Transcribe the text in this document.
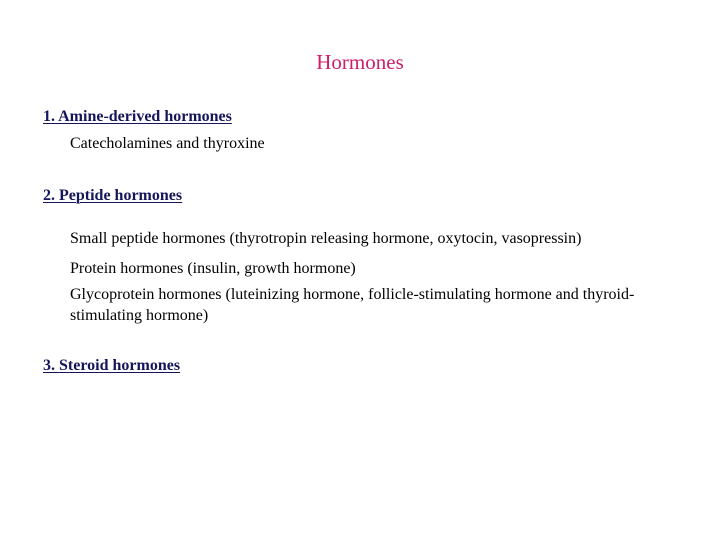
Hormones
1. Amine-derived hormones
Catecholamines and thyroxine
2. Peptide hormones
Small peptide hormones (thyrotropin releasing hormone, oxytocin, vasopressin)
Protein hormones (insulin, growth hormone)
Glycoprotein hormones (luteinizing hormone, follicle-stimulating hormone and thyroid-stimulating hormone)
3. Steroid hormones
